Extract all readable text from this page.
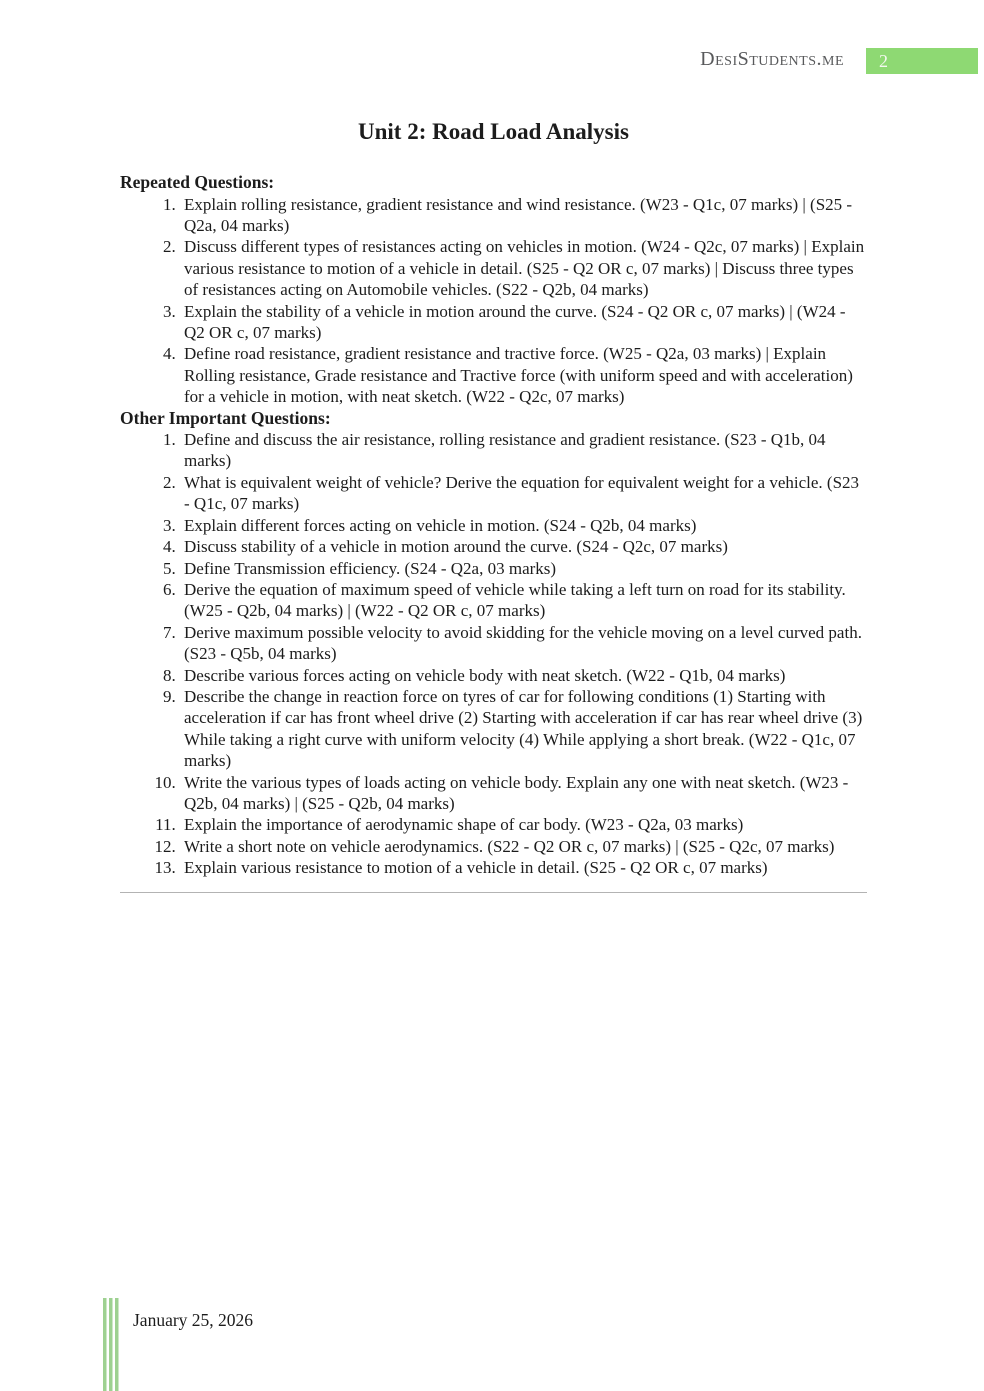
DesiStudents.me	2
Unit 2: Road Load Analysis
Repeated Questions:
1. Explain rolling resistance, gradient resistance and wind resistance. (W23 - Q1c, 07 marks) | (S25 - Q2a, 04 marks)
2. Discuss different types of resistances acting on vehicles in motion. (W24 - Q2c, 07 marks) | Explain various resistance to motion of a vehicle in detail. (S25 - Q2 OR c, 07 marks) | Discuss three types of resistances acting on Automobile vehicles. (S22 - Q2b, 04 marks)
3. Explain the stability of a vehicle in motion around the curve. (S24 - Q2 OR c, 07 marks) | (W24 - Q2 OR c, 07 marks)
4. Define road resistance, gradient resistance and tractive force. (W25 - Q2a, 03 marks) | Explain Rolling resistance, Grade resistance and Tractive force (with uniform speed and with acceleration) for a vehicle in motion, with neat sketch. (W22 - Q2c, 07 marks)
Other Important Questions:
1. Define and discuss the air resistance, rolling resistance and gradient resistance. (S23 - Q1b, 04 marks)
2. What is equivalent weight of vehicle? Derive the equation for equivalent weight for a vehicle. (S23 - Q1c, 07 marks)
3. Explain different forces acting on vehicle in motion. (S24 - Q2b, 04 marks)
4. Discuss stability of a vehicle in motion around the curve. (S24 - Q2c, 07 marks)
5. Define Transmission efficiency. (S24 - Q2a, 03 marks)
6. Derive the equation of maximum speed of vehicle while taking a left turn on road for its stability. (W25 - Q2b, 04 marks) | (W22 - Q2 OR c, 07 marks)
7. Derive maximum possible velocity to avoid skidding for the vehicle moving on a level curved path. (S23 - Q5b, 04 marks)
8. Describe various forces acting on vehicle body with neat sketch. (W22 - Q1b, 04 marks)
9. Describe the change in reaction force on tyres of car for following conditions (1) Starting with acceleration if car has front wheel drive (2) Starting with acceleration if car has rear wheel drive (3) While taking a right curve with uniform velocity (4) While applying a short break. (W22 - Q1c, 07 marks)
10. Write the various types of loads acting on vehicle body. Explain any one with neat sketch. (W23 - Q2b, 04 marks) | (S25 - Q2b, 04 marks)
11. Explain the importance of aerodynamic shape of car body. (W23 - Q2a, 03 marks)
12. Write a short note on vehicle aerodynamics. (S22 - Q2 OR c, 07 marks) | (S25 - Q2c, 07 marks)
13. Explain various resistance to motion of a vehicle in detail. (S25 - Q2 OR c, 07 marks)
January 25, 2026
